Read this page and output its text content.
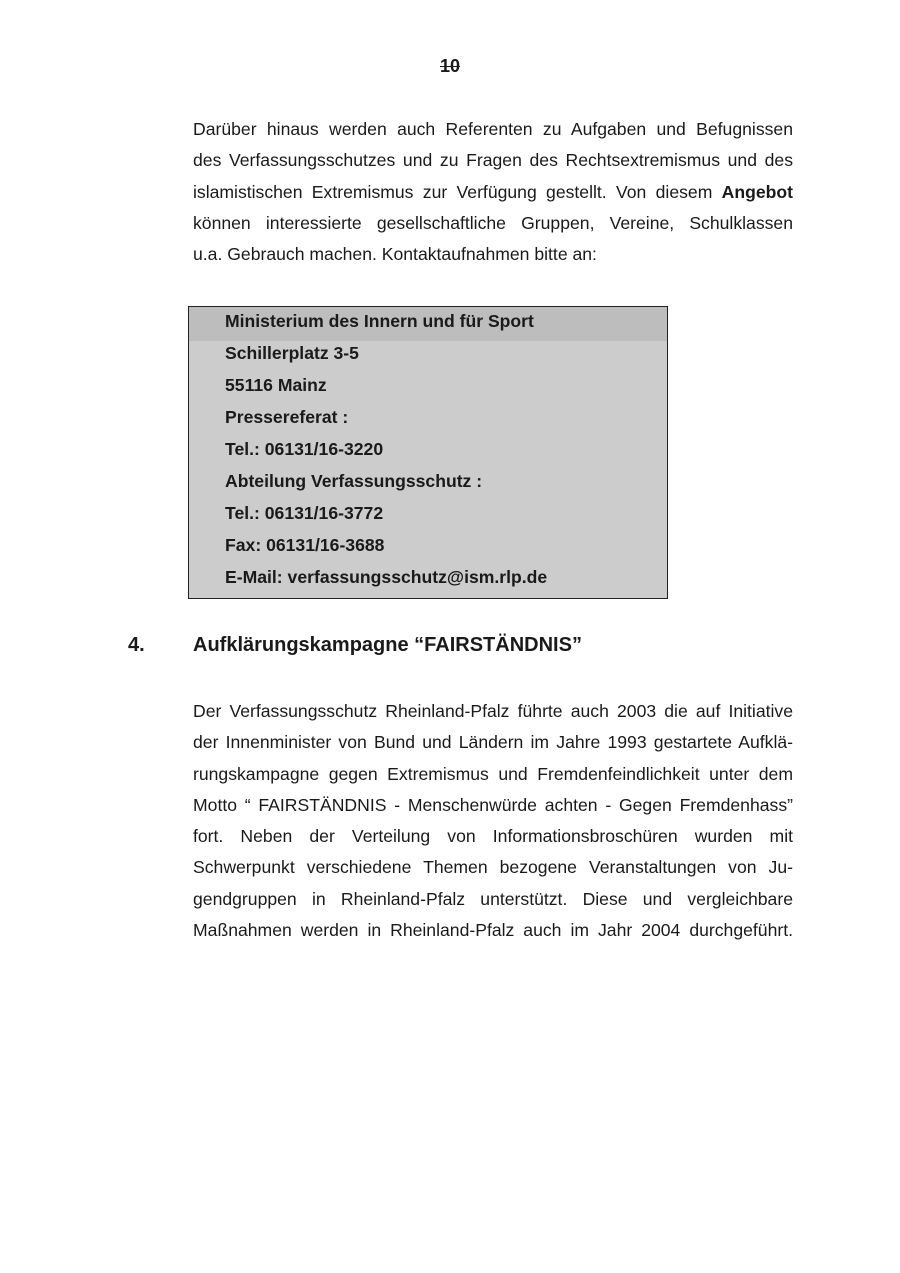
10
Darüber hinaus werden auch Referenten zu Aufgaben und Befugnissen
des Verfassungsschutzes und zu Fragen des Rechtsextremismus und des
islamistischen Extremismus zur Verfügung gestellt. Von diesem Angebot
können interessierte gesellschaftliche Gruppen, Vereine, Schulklassen
u.a. Gebrauch machen. Kontaktaufnahmen bitte an:
Ministerium des Innern und für Sport
Schillerplatz 3-5
55116 Mainz
Pressereferat :
Tel.: 06131/16-3220
Abteilung Verfassungsschutz :
Tel.: 06131/16-3772
Fax: 06131/16-3688
E-Mail: verfassungsschutz@ism.rlp.de
4. Aufklärungskampagne “FAIRSTÄNDNIS”
Der Verfassungsschutz Rheinland-Pfalz führte auch 2003 die auf Initiative
der Innenminister von Bund und Ländern im Jahre 1993 gestartete Aufklä-
rungskampagne gegen Extremismus und Fremdenfeindlichkeit unter dem
Motto “ FAIRSTÄNDNIS - Menschenwürde achten - Gegen Fremdenhass”
fort. Neben der Verteilung von Informationsbroschüren wurden mit
Schwerpunkt verschiedene Themen bezogene Veranstaltungen von Ju-
gendgruppen in Rheinland-Pfalz unterstützt. Diese und vergleichbare
Maßnahmen werden in Rheinland-Pfalz auch im Jahr 2004 durchgeführt.
